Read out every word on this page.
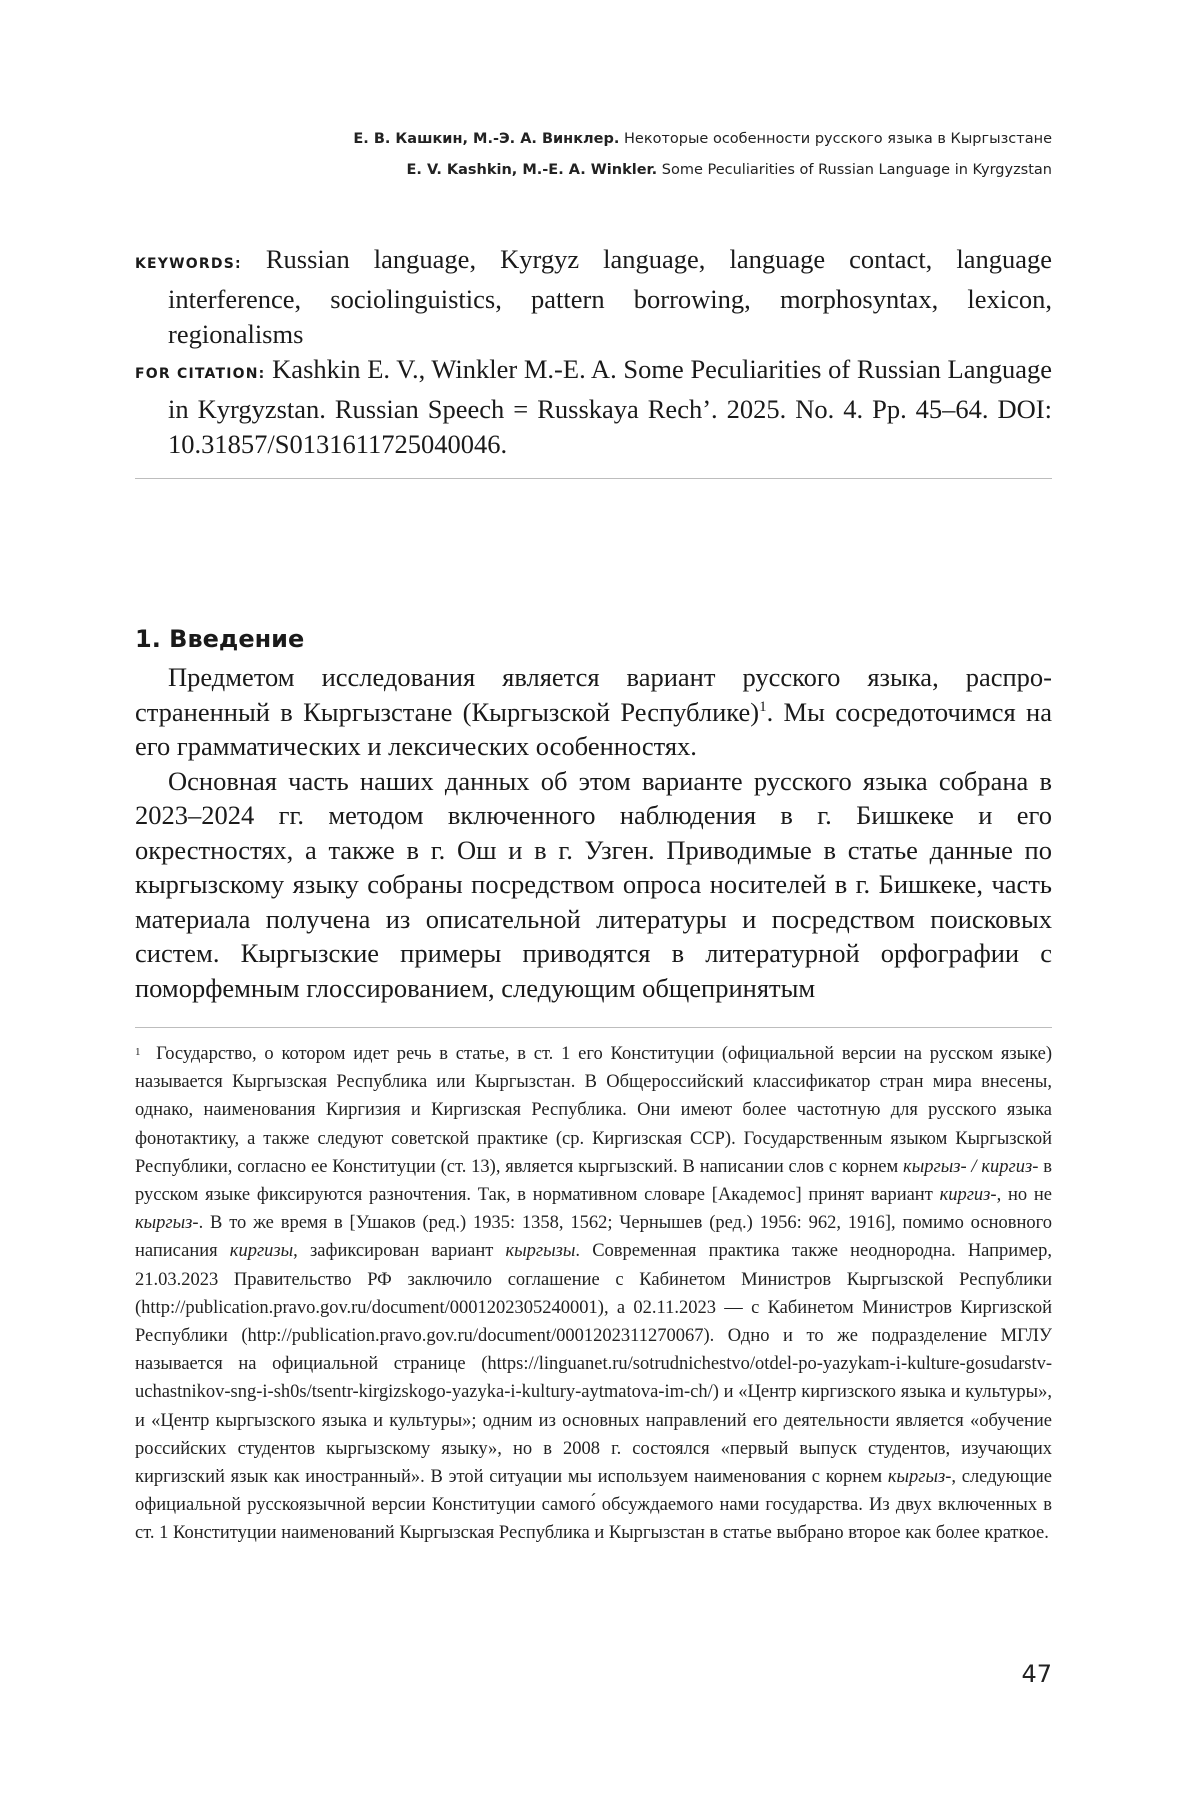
Е. В. Кашкин, М.-Э. А. Винклер. Некоторые особенности русского языка в Кыргызстане
E. V. Kashkin, M.-E. A. Winkler. Some Peculiarities of Russian Language in Kyrgyzstan

KEYWORDS: Russian language, Kyrgyz language, language contact, language interference, sociolinguistics, pattern borrowing, morphosyntax, lexicon, regionalisms

FOR CITATION: Kashkin E. V., Winkler M.-E. A. Some Peculiarities of Russian Language in Kyrgyzstan. Russian Speech = Russkaya Rech’. 2025. No. 4. Pp. 45–64. DOI: 10.31857/S0131611725040046.

1. Введение

Предметом исследования является вариант русского языка, распространенный в Кыргызстане (Кыргызской Республике)$^1$. Мы сосредоточимся на его грамматических и лексических особенностях.

Основная часть наших данных об этом варианте русского языка собрана в 2023–2024 гг. методом включенного наблюдения в г. Бишкеке и его окрестностях, а также в г. Ош и в г. Узген. Приводимые в статье данные по кыргызскому языку собраны посредством опроса носителей в г. Бишкеке, часть материала получена из описательной литературы и посредством поисковых систем. Кыргызские примеры приводятся в литературной орфографии с поморфемным глоссированием, следующим общепринятым

$^1$ Государство, о котором идет речь в статье, в ст. 1 его Конституции (официальной версии на русском языке) называется Кыргызская Республика или Кыргызстан. В Общероссийский классификатор стран мира внесены, однако, наименования Киргизия и Киргизская Республика. Они имеют более частотную для русского языка фонотактику, а также следуют советской практике (ср. Киргизская ССР). Государственным языком Кыргызской Республики, согласно ее Конституции (ст. 13), является кыргызский. В написании слов с корнем кыргыз- / киргиз- в русском языке фиксируются разночтения. Так, в нормативном словаре [Академос] принят вариант киргиз-, но не кыргыз-. В то же время в [Ушаков (ред.) 1935: 1358, 1562; Чернышев (ред.) 1956: 962, 1916], помимо основного написания киргизы, зафиксирован вариант кыргызы. Современная практика также неоднородна. Например, 21.03.2023 Правительство РФ заключило соглашение с Кабинетом Министров Кыргызской Республики (http://publication.pravo.gov.ru/document/0001202305240001), а 02.11.2023 — с Кабинетом Министров Киргизской Республики (http://publication.pravo.gov.ru/document/0001202311270067). Одно и то же подразделение МГЛУ называется на официальной странице (https://linguanet.ru/​sotrudnichestvo/​otdel-po-yazykam-i-kulture-gosudarstv-uchastnikov-sng-i-sh0s/​tsentr-kirgizskogo-​yazyka-i-kultury-aytmatova-im-ch/) и «Центр киргизского языка и культуры», и «Центр кыргызского языка и культуры»; одним из основных направлений его деятельности является «обучение российских студентов кыргызскому языку», но в 2008 г. состоялся «первый выпуск студентов, изучающих киргизский язык как иностранный». В этой ситуации мы используем наименования с корнем кыргыз-, следующие официальной русскоязычной версии Конституции самого́ обсуждаемого нами государства. Из двух включенных в ст. 1 Конституции наименований Кыргызская Республика и Кыргызстан в статье выбрано второе как более краткое.

47
